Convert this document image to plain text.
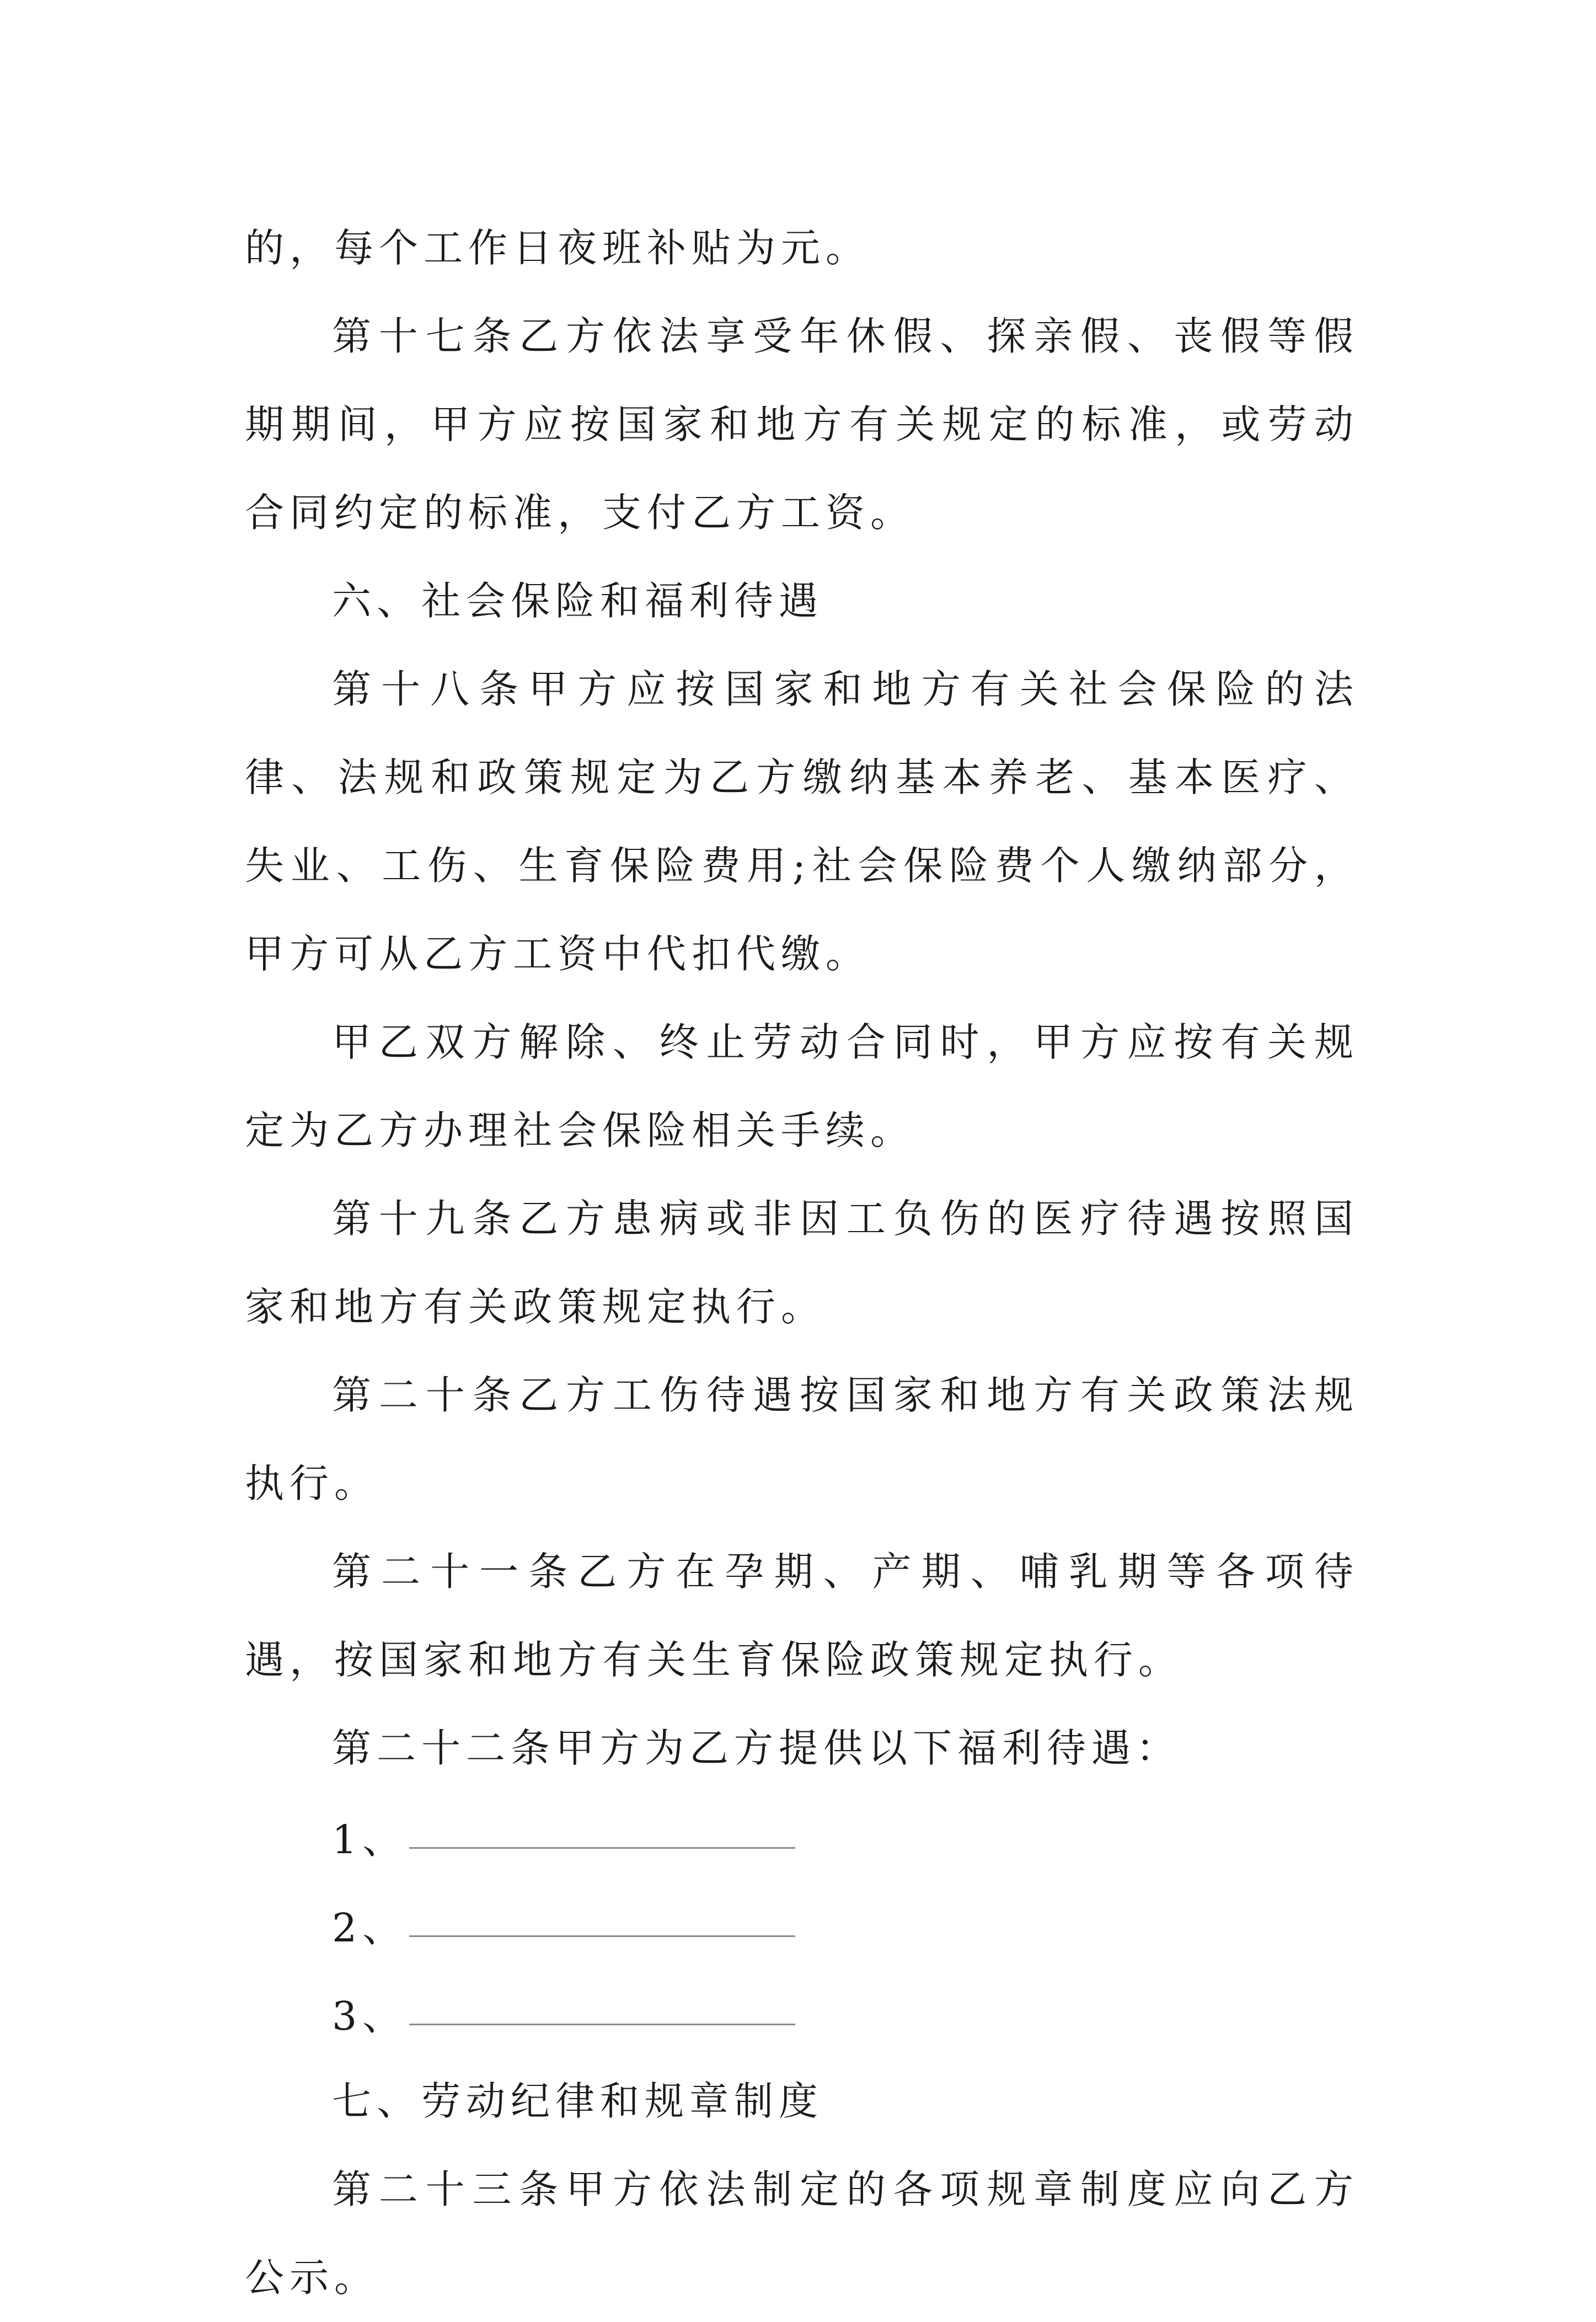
的，每个工作日夜班补贴为元。

第十七条乙方依法享受年休假、探亲假、丧假等假期期间，甲方应按国家和地方有关规定的标准，或劳动合同约定的标准，支付乙方工资。

六、社会保险和福利待遇

第十八条甲方应按国家和地方有关社会保险的法律、法规和政策规定为乙方缴纳基本养老、基本医疗、失业、工伤、生育保险费用;社会保险费个人缴纳部分，甲方可从乙方工资中代扣代缴。

甲乙双方解除、终止劳动合同时，甲方应按有关规定为乙方办理社会保险相关手续。

第十九条乙方患病或非因工负伤的医疗待遇按照国家和地方有关政策规定执行。

第二十条乙方工伤待遇按国家和地方有关政策法规执行。

第二十一条乙方在孕期、产期、哺乳期等各项待遇，按国家和地方有关生育保险政策规定执行。

第二十二条甲方为乙方提供以下福利待遇：

1、
2、
3、

七、劳动纪律和规章制度

第二十三条甲方依法制定的各项规章制度应向乙方公示。
